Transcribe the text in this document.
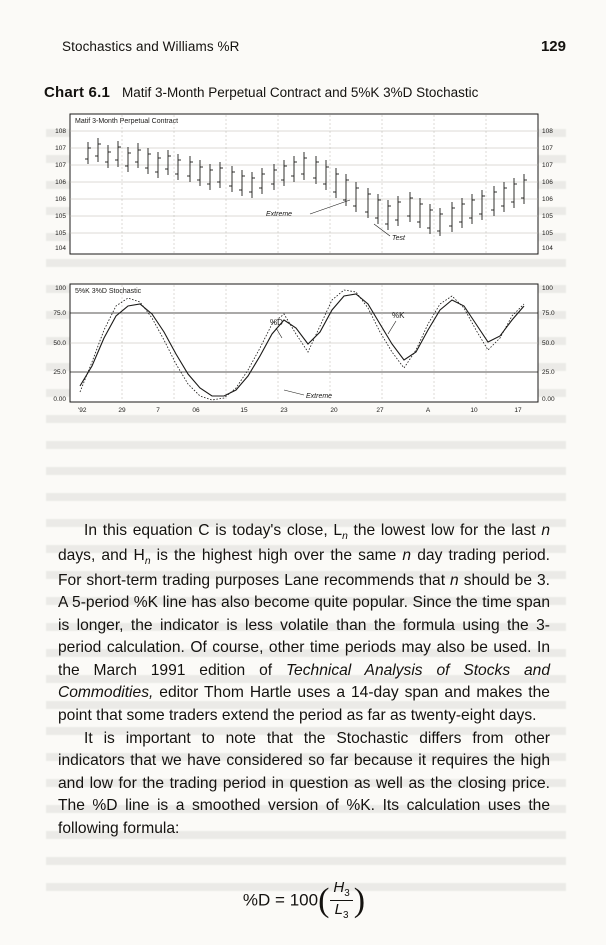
Stochastics and Williams %R	129
Chart 6.1 Matif 3-Month Perpetual Contract and 5%K 3%D Stochastic
Matif 3-Month Perpetual Contract
108
107
107
106
106
105
105
104
108
107
107
106
106
105
105
104
Extreme
Test
5%K 3%D Stochastic
100
75.0
50.0
25.0
0.00
100
75.0
50.0
25.0
0.00
%D
%K
Extreme
'92	29	7	06	15	23	20	27	A	10	17

In this equation C is today's close, $L_n$ the lowest low for the last n days, and $H_n$ is the highest high over the same n day trading period. For short-term trading purposes Lane recommends that n should be 3. A 5-period %K line has also become quite popular. Since the time span is longer, the indicator is less volatile than the formula using the 3-period calculation. Of course, other time periods may also be used. In the March 1991 edition of Technical Analysis of Stocks and Commodities, editor Thom Hartle uses a 14-day span and makes the point that some traders extend the period as far as twenty-eight days.

It is important to note that the Stochastic differs from other indicators that we have considered so far because it requires the high and low for the trading period in question as well as the closing price. The %D line is a smoothed version of %K. Its calculation uses the following formula:

$\%D = 100( \frac{H_3}{L_3}$ )
